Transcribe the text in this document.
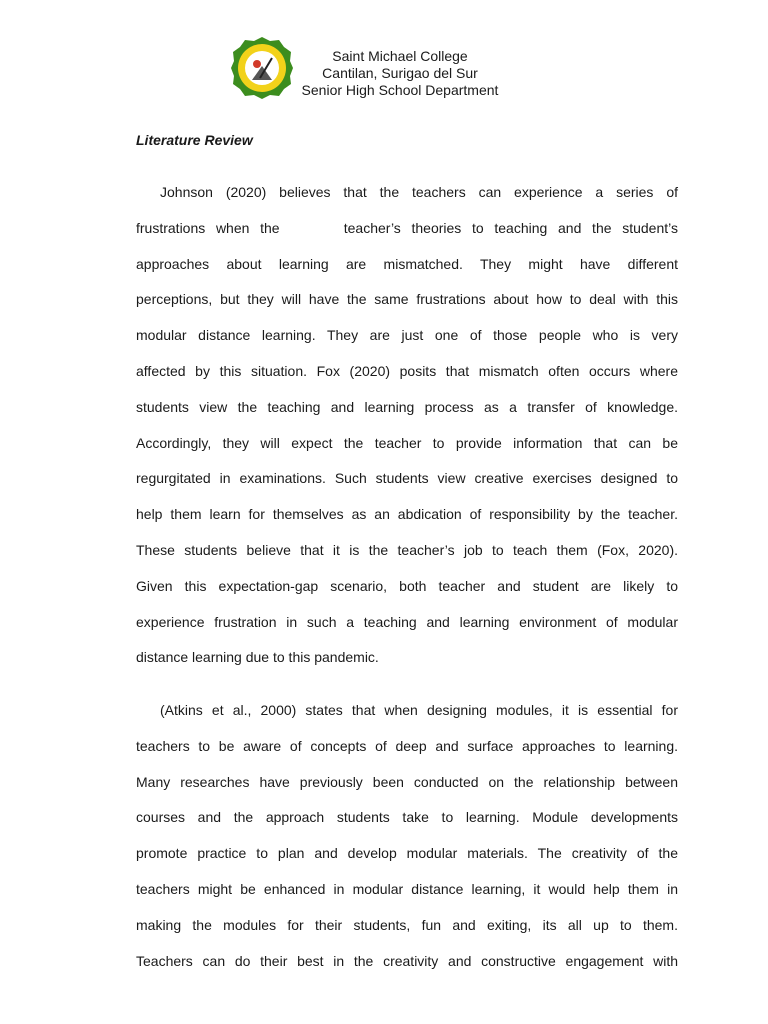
Saint Michael College
Cantilan, Surigao del Sur
Senior High School Department
Literature Review
Johnson (2020) believes that the teachers can experience a series of
frustrations when the      teacher’s theories to teaching and the student’s
approaches about learning are mismatched. They might have different
perceptions, but they will have the same frustrations about how to deal with this
modular distance learning. They are just one of those people who is very
affected by this situation. Fox (2020) posits that mismatch often occurs where
students view the teaching and learning process as a transfer of knowledge.
Accordingly, they will expect the teacher to provide information that can be
regurgitated in examinations. Such students view creative exercises designed to
help them learn for themselves as an abdication of responsibility by the teacher.
These students believe that it is the teacher’s job to teach them (Fox, 2020).
Given this expectation-gap scenario, both teacher and student are likely to
experience frustration in such a teaching and learning environment of modular
distance learning due to this pandemic.
(Atkins et al., 2000) states that when designing modules, it is essential for
teachers to be aware of concepts of deep and surface approaches to learning.
Many researches have previously been conducted on the relationship between
courses and the approach students take to learning. Module developments
promote practice to plan and develop modular materials. The creativity of the
teachers might be enhanced in modular distance learning, it would help them in
making the modules for their students, fun and exiting, its all up to them.
Teachers can do their best in the creativity and constructive engagement with
